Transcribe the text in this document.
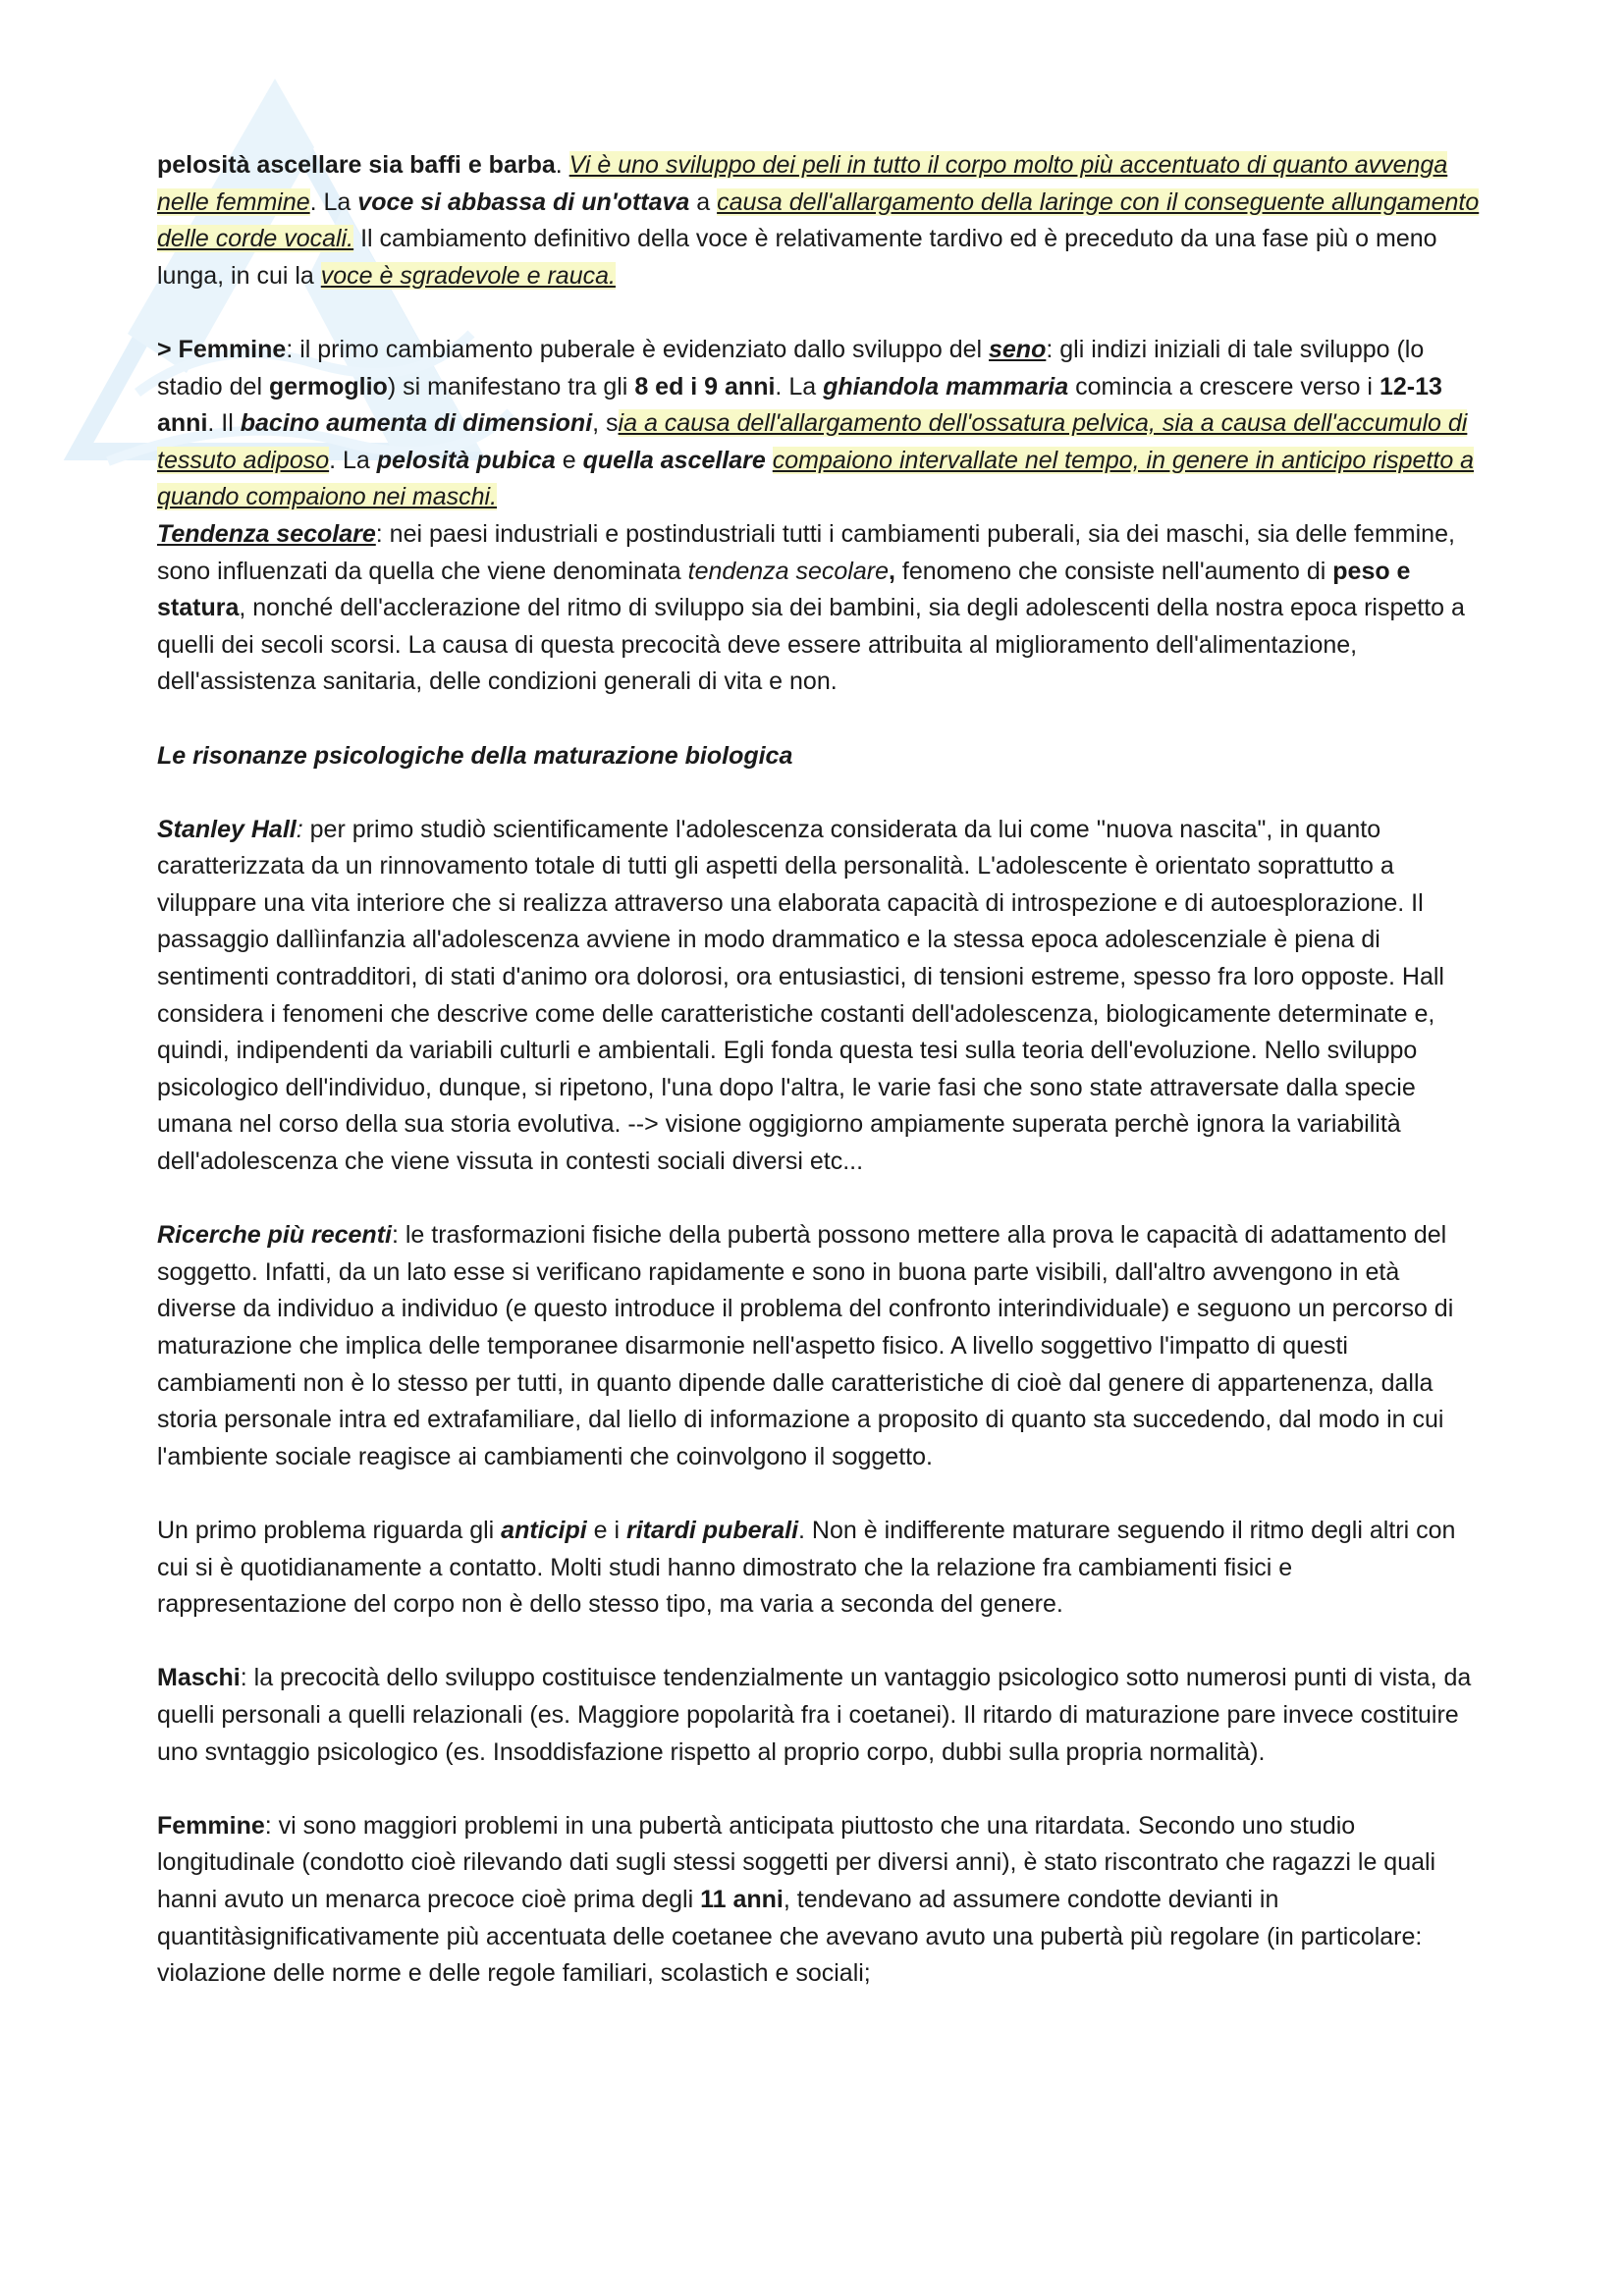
pelosità ascellare sia baffi e barba. Vi è uno sviluppo dei peli in tutto il corpo molto più accentuato di quanto avvenga nelle femmine. La voce si abbassa di un'ottava a causa dell'allargamento della laringe con il conseguente allungamento delle corde vocali. Il cambiamento definitivo della voce è relativamente tardivo ed è preceduto da una fase più o meno lunga, in cui la voce è sgradevole e rauca.

> Femmine: il primo cambiamento puberale è evidenziato dallo sviluppo del seno: gli indizi iniziali di tale sviluppo (lo stadio del germoglio) si manifestano tra gli 8 ed i 9 anni. La ghiandola mammaria comincia a crescere verso i 12-13 anni. Il bacino aumenta di dimensioni, sia a causa dell'allargamento dell'ossatura pelvica, sia a causa dell'accumulo di tessuto adiposo. La pelosità pubica e quella ascellare compaiono intervallate nel tempo, in genere in anticipo rispetto a quando compaiono nei maschi.

Tendenza secolare: nei paesi industriali e postindustriali tutti i cambiamenti puberali, sia dei maschi, sia delle femmine, sono influenzati da quella che viene denominata tendenza secolare, fenomeno che consiste nell'aumento di peso e statura, nonché dell'acclerazione del ritmo di sviluppo sia dei bambini, sia degli adolescenti della nostra epoca rispetto a quelli dei secoli scorsi. La causa di questa precocità deve essere attribuita al miglioramento dell'alimentazione, dell'assistenza sanitaria, delle condizioni generali di vita e non.

Le risonanze psicologiche della maturazione biologica

Stanley Hall: per primo studiò scientificamente l'adolescenza considerata da lui come ''nuova nascita", in quanto caratterizzata da un rinnovamento totale di tutti gli aspetti della personalità. L'adolescente è orientato soprattutto a viluppare una vita interiore che si realizza attraverso una elaborata capacità di introspezione e di autoesplorazione. Il passaggio dallìinfanzia all'adolescenza avviene in modo drammatico e la stessa epoca adolescenziale è piena di sentimenti contradditori, di stati d'animo ora dolorosi, ora entusiastici, di tensioni estreme, spesso fra loro opposte. Hall considera i fenomeni che descrive come delle caratteristiche costanti dell'adolescenza, biologicamente determinate e, quindi, indipendenti da variabili culturli e ambientali. Egli fonda questa tesi sulla teoria dell'evoluzione. Nello sviluppo psicologico dell'individuo, dunque, si ripetono, l'una dopo l'altra, le varie fasi che sono state attraversate dalla specie umana nel corso della sua storia evolutiva. --> visione oggigiorno ampiamente superata perchè ignora la variabilità dell'adolescenza che viene vissuta in contesti sociali diversi etc...

Ricerche più recenti: le trasformazioni fisiche della pubertà possono mettere alla prova le capacità di adattamento del soggetto. Infatti, da un lato esse si verificano rapidamente e sono in buona parte visibili, dall'altro avvengono in età diverse da individuo a individuo (e questo introduce il problema del confronto interindividuale) e seguono un percorso di maturazione che implica delle temporanee disarmonie nell'aspetto fisico. A livello soggettivo l'impatto di questi cambiamenti non è lo stesso per tutti, in quanto dipende dalle caratteristiche di cioè dal genere di appartenenza, dalla storia personale intra ed extrafamiliare, dal liello di informazione a proposito di quanto sta succedendo, dal modo in cui l'ambiente sociale reagisce ai cambiamenti che coinvolgono il soggetto.

Un primo problema riguarda gli anticipi e i ritardi puberali. Non è indifferente maturare seguendo il ritmo degli altri con cui si è quotidianamente a contatto. Molti studi hanno dimostrato che la relazione fra cambiamenti fisici e rappresentazione del corpo non è dello stesso tipo, ma varia a seconda del genere.

Maschi: la precocità dello sviluppo costituisce tendenzialmente un vantaggio psicologico sotto numerosi punti di vista, da quelli personali a quelli relazionali (es. Maggiore popolarità fra i coetanei). Il ritardo di maturazione pare invece costituire uno svntaggio psicologico (es. Insoddisfazione rispetto al proprio corpo, dubbi sulla propria normalità).

Femmine: vi sono maggiori problemi in una pubertà anticipata piuttosto che una ritardata. Secondo uno studio longitudinale (condotto cioè rilevando dati sugli stessi soggetti per diversi anni), è stato riscontrato che ragazzi le quali hanni avuto un menarca precoce cioè prima degli 11 anni, tendevano ad assumere condotte devianti in quantitàsignificativamente più accentuata delle coetanee che avevano avuto una pubertà più regolare (in particolare: violazione delle norme e delle regole familiari, scolastich e sociali;
